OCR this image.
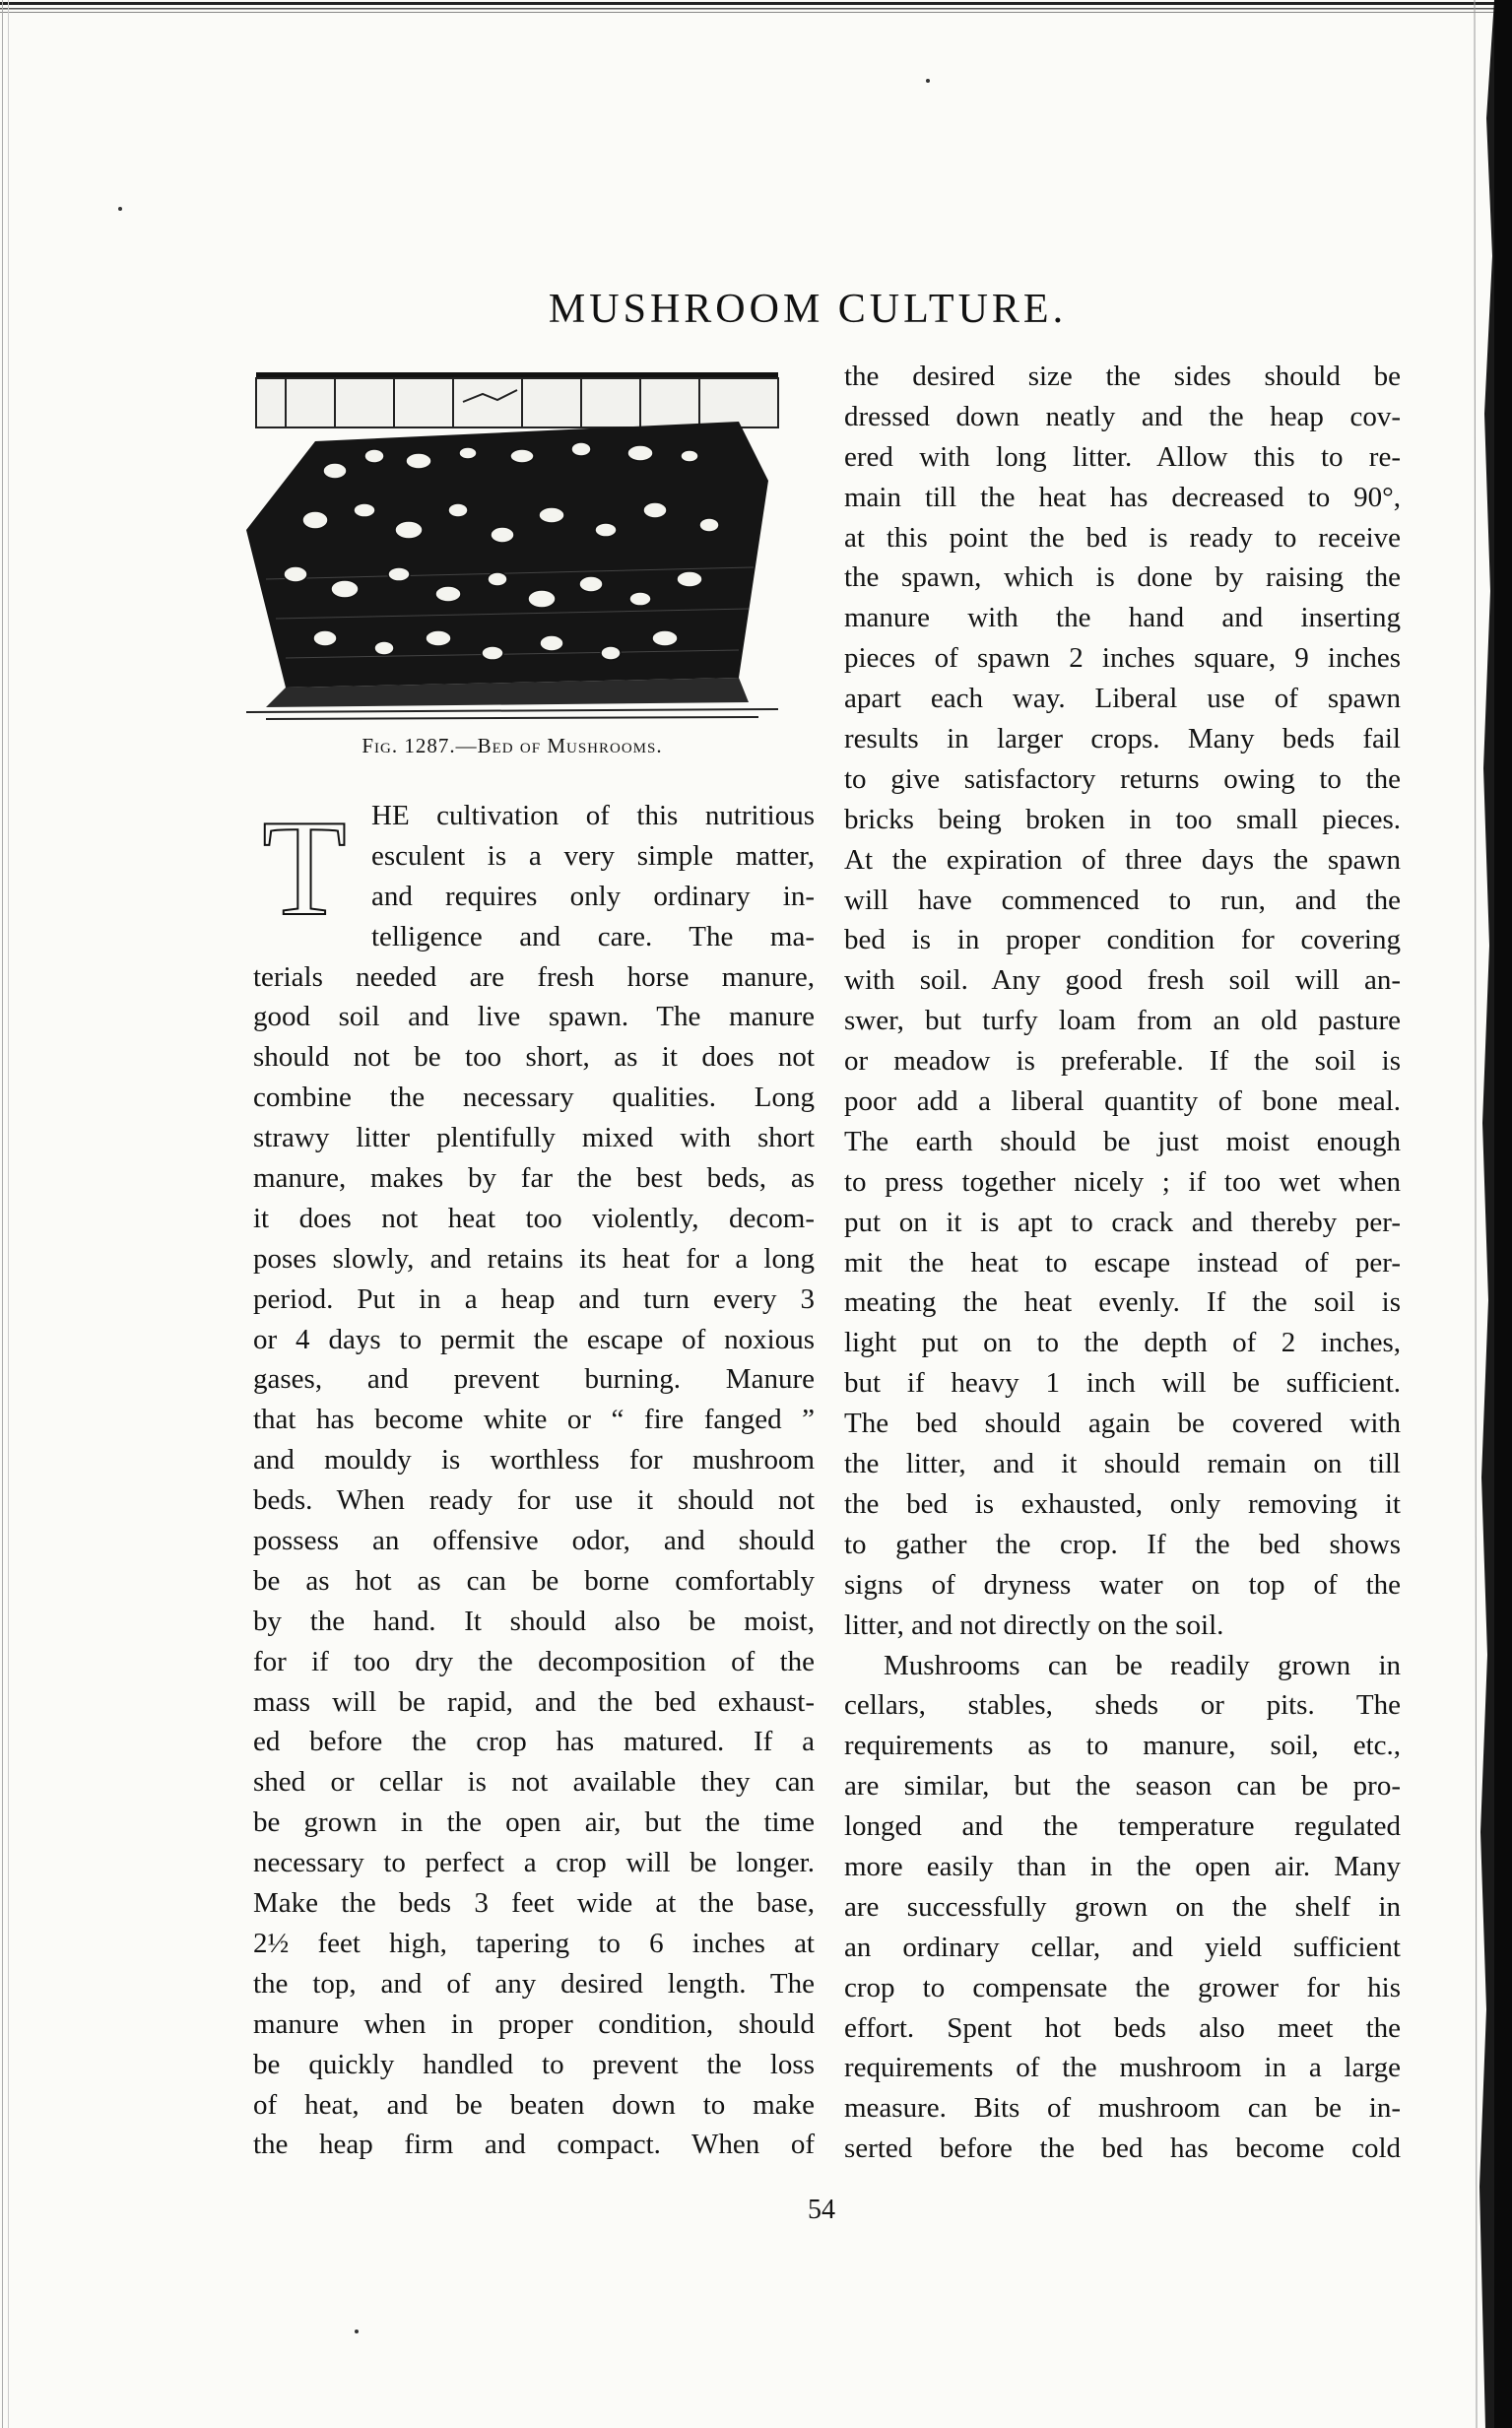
MUSHROOM CULTURE.
Fig. 1287.—Bed of Mushrooms.
T HE cultivation of this nutritious
esculent is a very simple matter,
and requires only ordinary in-
telligence and care. The ma-
terials needed are fresh horse manure,
good soil and live spawn. The manure
should not be too short, as it does not
combine the necessary qualities. Long
strawy litter plentifully mixed with short
manure, makes by far the best beds, as
it does not heat too violently, decom-
poses slowly, and retains its heat for a long
period. Put in a heap and turn every 3
or 4 days to permit the escape of noxious
gases, and prevent burning. Manure
that has become white or “ fire fanged ”
and mouldy is worthless for mushroom
beds. When ready for use it should not
possess an offensive odor, and should
be as hot as can be borne comfortably
by the hand. It should also be moist,
for if too dry the decomposition of the
mass will be rapid, and the bed exhaust-
ed before the crop has matured. If a
shed or cellar is not available they can
be grown in the open air, but the time
necessary to perfect a crop will be longer.
Make the beds 3 feet wide at the base,
2½ feet high, tapering to 6 inches at
the top, and of any desired length. The
manure when in proper condition, should
be quickly handled to prevent the loss
of heat, and be beaten down to make
the heap firm and compact. When of
the desired size the sides should be
dressed down neatly and the heap cov-
ered with long litter. Allow this to re-
main till the heat has decreased to 90°,
at this point the bed is ready to receive
the spawn, which is done by raising the
manure with the hand and inserting
pieces of spawn 2 inches square, 9 inches
apart each way. Liberal use of spawn
results in larger crops. Many beds fail
to give satisfactory returns owing to the
bricks being broken in too small pieces.
At the expiration of three days the spawn
will have commenced to run, and the
bed is in proper condition for covering
with soil. Any good fresh soil will an-
swer, but turfy loam from an old pasture
or meadow is preferable. If the soil is
poor add a liberal quantity of bone meal.
The earth should be just moist enough
to press together nicely ; if too wet when
put on it is apt to crack and thereby per-
mit the heat to escape instead of per-
meating the heat evenly. If the soil is
light put on to the depth of 2 inches,
but if heavy 1 inch will be sufficient.
The bed should again be covered with
the litter, and it should remain on till
the bed is exhausted, only removing it
to gather the crop. If the bed shows
signs of dryness water on top of the
litter, and not directly on the soil.
Mushrooms can be readily grown in
cellars, stables, sheds or pits. The
requirements as to manure, soil, etc.,
are similar, but the season can be pro-
longed and the temperature regulated
more easily than in the open air. Many
are successfully grown on the shelf in
an ordinary cellar, and yield sufficient
crop to compensate the grower for his
effort. Spent hot beds also meet the
requirements of the mushroom in a large
measure. Bits of mushroom can be in-
serted before the bed has become cold
54
